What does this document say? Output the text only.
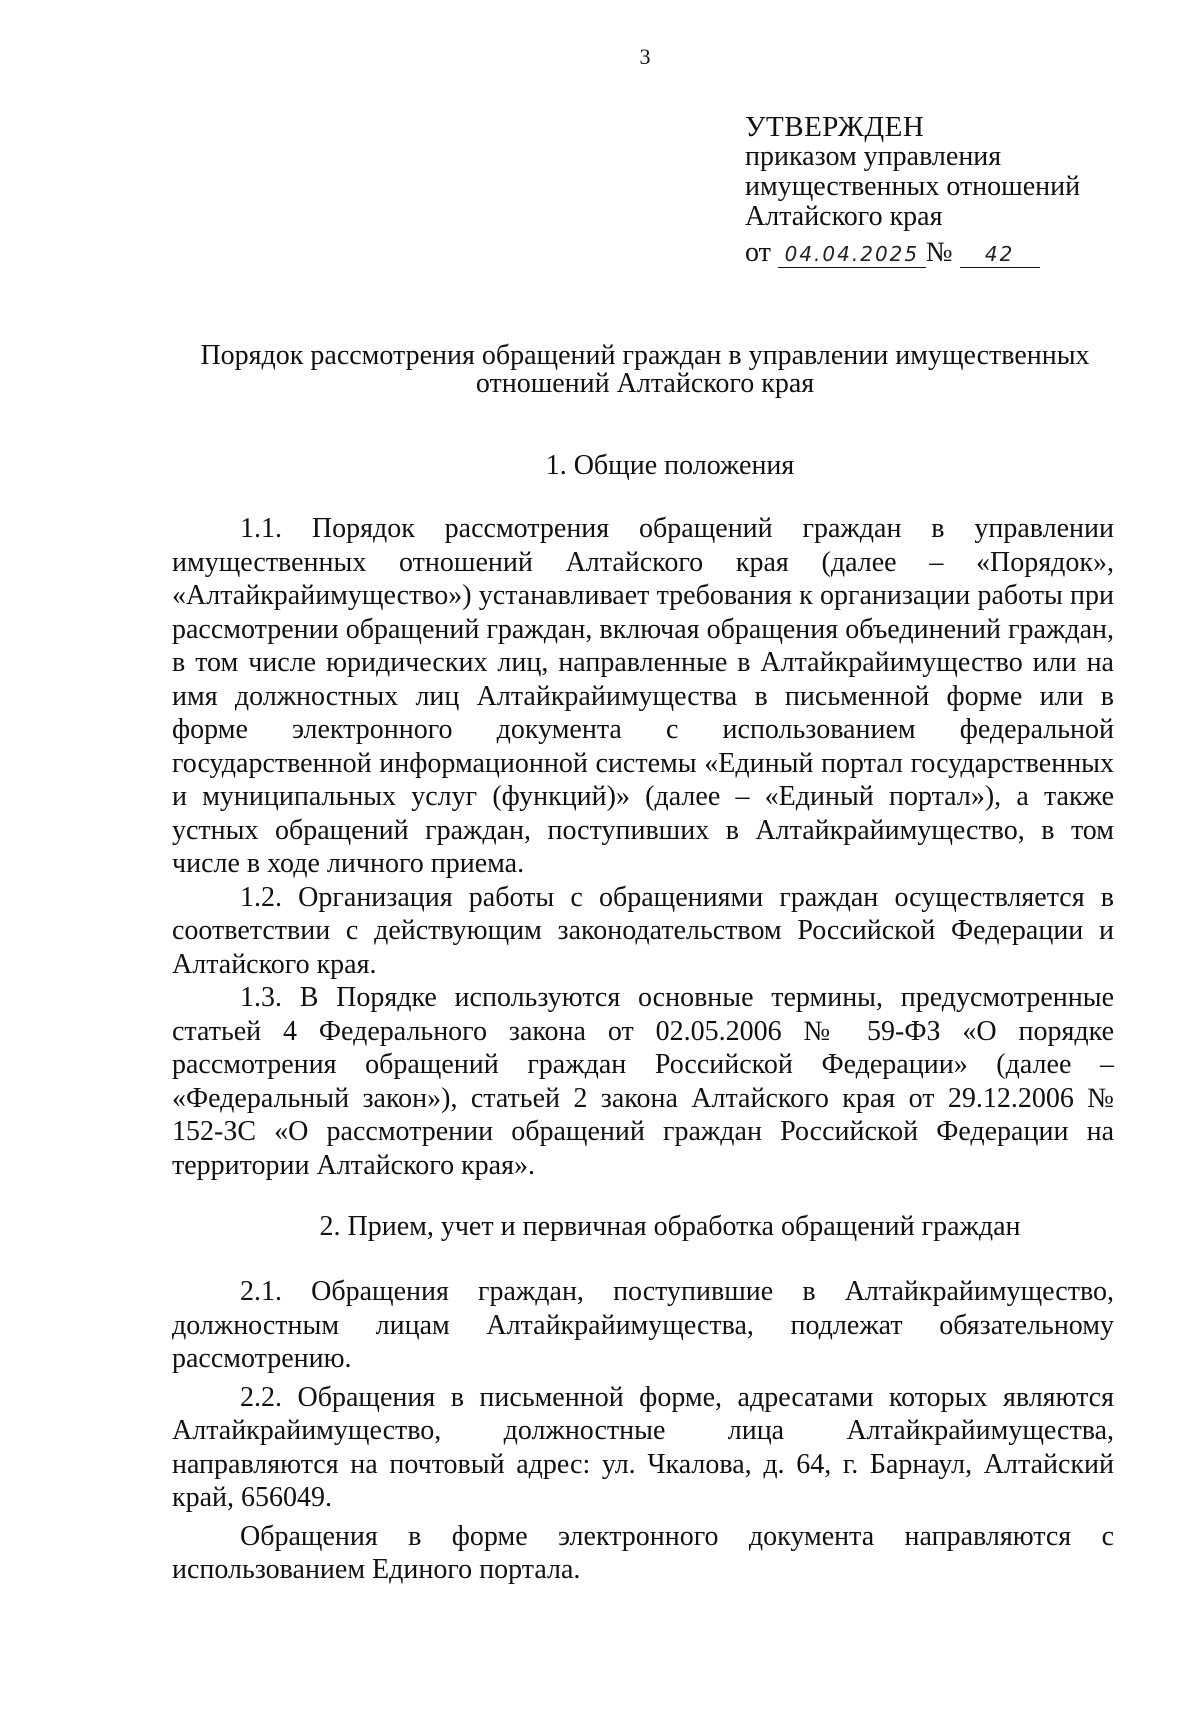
3
УТВЕРЖДЕН
приказом управления
имущественных отношений
Алтайского края
от 04.04.2025 № 42
Порядок рассмотрения обращений граждан в управлении имущественных
отношений Алтайского края
1. Общие положения

1.1. Порядок рассмотрения обращений граждан в управлении имущественных отношений Алтайского края (далее – «Порядок», «Алтайкрайимущество») устанавливает требования к организации работы при рассмотрении обращений граждан, включая обращения объединений граждан, в том числе юридических лиц, направленные в Алтайкрайимущество или на имя должностных лиц Алтайкрайимущества в письменной форме или в форме электронного документа с использованием федеральной государственной информационной системы «Единый портал государственных и муниципальных услуг (функций)» (далее – «Единый портал»), а также устных обращений граждан, поступивших в Алтайкрайимущество, в том числе в ходе личного приема.

1.2. Организация работы с обращениями граждан осуществляется в соответствии с действующим законодательством Российской Федерации и Алтайского края.

1.3. В Порядке используются основные термины, предусмотренные статьей 4 Федерального закона от 02.05.2006 № 59-ФЗ «О порядке рассмотрения обращений граждан Российской Федерации» (далее – «Федеральный закон»), статьей 2 закона Алтайского края от 29.12.2006 № 152-ЗС «О рассмотрении обращений граждан Российской Федерации на территории Алтайского края».

2. Прием, учет и первичная обработка обращений граждан

2.1. Обращения граждан, поступившие в Алтайкрайимущество, должностным лицам Алтайкрайимущества, подлежат обязательному рассмотрению.

2.2. Обращения в письменной форме, адресатами которых являются Алтайкрайимущество, должностные лица Алтайкрайимущества, направляются на почтовый адрес: ул. Чкалова, д. 64, г. Барнаул, Алтайский край, 656049.

Обращения в форме электронного документа направляются с использованием Единого портала.
